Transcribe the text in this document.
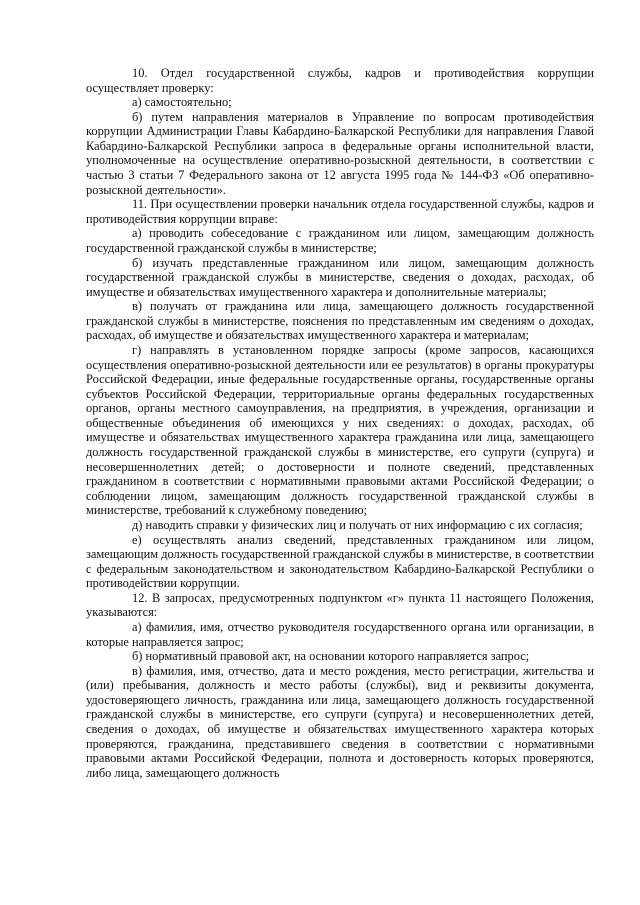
10. Отдел государственной службы, кадров и противодействия коррупции осуществляет проверку:

а) самостоятельно;

б) путем направления материалов в Управление по вопросам противодействия коррупции Администрации Главы Кабардино-Балкарской Республики для направления Главой Кабардино-Балкарской Республики запроса в федеральные органы исполнительной власти, уполномоченные на осуществление оперативно-розыскной деятельности, в соответствии с частью 3 статьи 7 Федерального закона от 12 августа 1995 года № 144-ФЗ «Об оперативно-розыскной деятельности».

11. При осуществлении проверки начальник отдела государственной службы, кадров и противодействия коррупции вправе:

а) проводить собеседование с гражданином или лицом, замещающим должность государственной гражданской службы в министерстве;

б) изучать представленные гражданином или лицом, замещающим должность государственной гражданской службы в министерстве, сведения о доходах, расходах, об имуществе и обязательствах имущественного характера и дополнительные материалы;

в) получать от гражданина или лица, замещающего должность государственной гражданской службы в министерстве, пояснения по представленным им сведениям о доходах, расходах, об имуществе и обязательствах имущественного характера и материалам;

г) направлять в установленном порядке запросы (кроме запросов, касающихся осуществления оперативно-розыскной деятельности или ее результатов) в органы прокуратуры Российской Федерации, иные федеральные государственные органы, государственные органы субъектов Российской Федерации, территориальные органы федеральных государственных органов, органы местного самоуправления, на предприятия, в учреждения, организации и общественные объединения об имеющихся у них сведениях: о доходах, расходах, об имуществе и обязательствах имущественного характера гражданина или лица, замещающего должность государственной гражданской службы в министерстве, его супруги (супруга) и несовершеннолетних детей; о достоверности и полноте сведений, представленных гражданином в соответствии с нормативными правовыми актами Российской Федерации; о соблюдении лицом, замещающим должность государственной гражданской службы в министерстве, требований к служебному поведению;

д) наводить справки у физических лиц и получать от них информацию с их согласия;

е) осуществлять анализ сведений, представленных гражданином или лицом, замещающим должность государственной гражданской службы в министерстве, в соответствии с федеральным законодательством и законодательством Кабардино-Балкарской Республики о противодействии коррупции.

12. В запросах, предусмотренных подпунктом «г» пункта 11 настоящего Положения, указываются:

а) фамилия, имя, отчество руководителя государственного органа или организации, в которые направляется запрос;

б) нормативный правовой акт, на основании которого направляется запрос;

в) фамилия, имя, отчество, дата и место рождения, место регистрации, жительства и (или) пребывания, должность и место работы (службы), вид и реквизиты документа, удостоверяющего личность, гражданина или лица, замещающего должность государственной гражданской службы в министерстве, его супруги (супруга) и несовершеннолетних детей, сведения о доходах, об имуществе и обязательствах имущественного характера которых проверяются, гражданина, представившего сведения в соответствии с нормативными правовыми актами Российской Федерации, полнота и достоверность которых проверяются, либо лица, замещающего должность
